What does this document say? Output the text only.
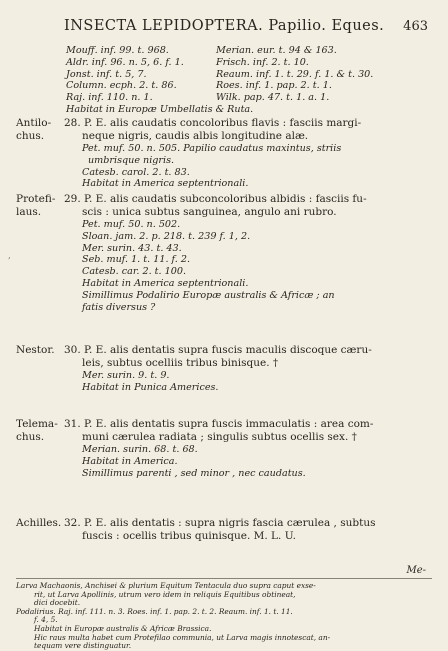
INSECTA LEPIDOPTERA. Papilio. Eques. 463
Mouff. inf. 99. t. 968.	Merian. eur. t. 94 & 163.
Aldr. inf. 96. n. 5, 6. f. 1.	Frisch. inf. 2. t. 10.
Jonst. inf. t. 5, 7.	Reaum. inf. 1. t. 29. f. 1. & t. 30.
Column. ecph. 2. t. 86.	Roes. inf. 1. pap. 2. t. 1.
Raj. inf. 110. n. 1.	Wilk. pap. 47. t. 1. a. 1.
Habitat in Europæ Umbellatis & Ruta.
Antilo-
chus.
28. P. E. alis caudatis concoloribus flavis : fasciis margi-
neque nigris, caudis albis longitudine alæ.
Pet. muf. 50. n. 505. Papilio caudatus maxintus, striis
umbrisque nigris.
Catesb. carol. 2. t. 83.
Habitat in America septentrionali.
Protefi-
laus.
29. P. E. alis caudatis subconcoloribus albidis : fasciis fu-
scis : unica subtus sanguinea, angulo ani rubro.
Pet. muf. 50. n. 502.
Sloan. jam. 2. p. 218. t. 239 f. 1, 2.
Mer. surin. 43. t. 43.
Seb. muf. 1. t. 11. f. 2.
Catesb. car. 2. t. 100.
Habitat in America septentrionali.
Simillimus Podalirio Europæ australis & Africæ ; an
fatis diversus ?
,
Nestor. 30. P. E. alis dentatis supra fuscis maculis discoque cæru-
leis, subtus ocelliis tribus binisque. †
Mer. surin. 9. t. 9.
Habitat in Punica Americes.
Telema-
chus.
31. P. E. alis dentatis supra fuscis immaculatis : area com-
muni cærulea radiata ; singulis subtus ocellis sex. †
Merian. surin. 68. t. 68.
Habitat in America.
Simillimus parenti , sed minor , nec caudatus.
Achilles. 32. P. E. alis dentatis : supra nigris fascia cærulea , subtus
fuscis : ocellis tribus quinisque. M. L. U.
Me-
Larva Machaonis, Anchisei & plurium Equitum Tentacula duo supra caput exse-
rit, ut Larva Apollinis, utrum vero idem in reliquis Equitibus obtineat,
dici docebit.
Podalirius. Raj. inf. 111. n. 3. Roes. inf. 1. pap. 2. t. 2. Reaum. inf. 1. t. 11.
f. 4, 5.
Habitat in Europæ australis & Africæ Brassica.
Hic raus multa habet cum Protefilao communia, ut Larva magis innotescat, an-
tequam vere distinguatur.
